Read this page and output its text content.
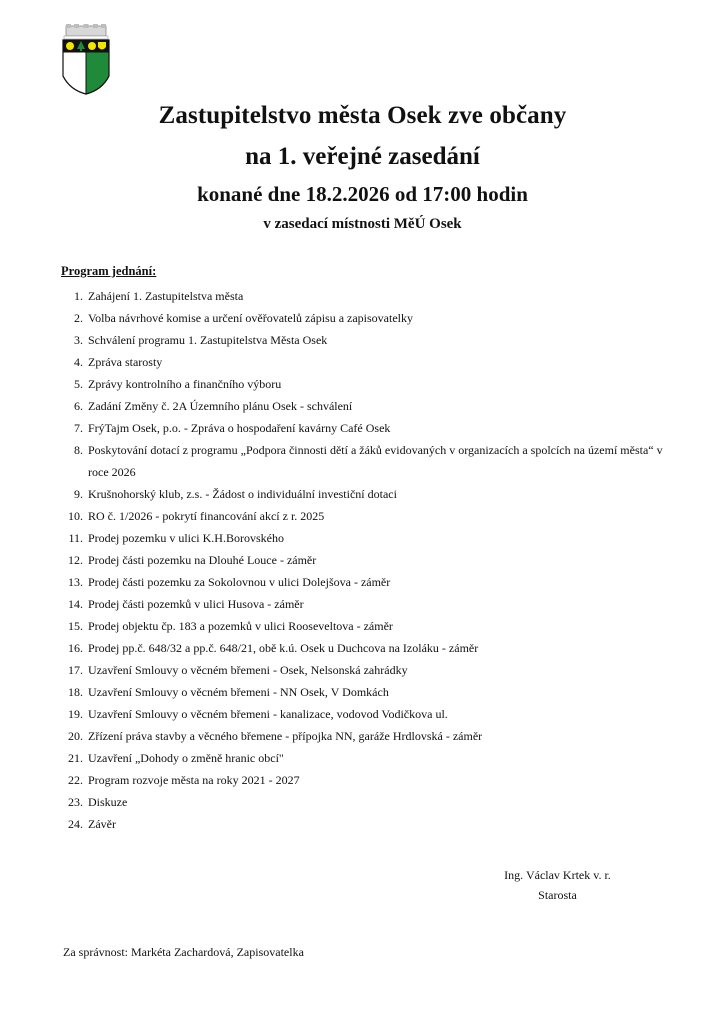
Zastupitelstvo města Osek zve občany
na 1. veřejné zasedání
konané dne 18.2.2026 od 17:00 hodin
v zasedací místnosti MěÚ Osek
Program jednání:
1. Zahájení 1. Zastupitelstva města
2. Volba návrhové komise a určení ověřovatelů zápisu a zapisovatelky
3. Schválení programu 1. Zastupitelstva Města Osek
4. Zpráva starosty
5. Zprávy kontrolního a finančního výboru
6. Zadání Změny č. 2A Územního plánu Osek - schválení
7. FrýTajm Osek, p.o. - Zpráva o hospodaření kavárny Café Osek
8. Poskytování dotací z programu „Podpora činnosti dětí a žáků evidovaných v organizacích a spolcích na území města“ v roce 2026
9. Krušnohorský klub, z.s. - Žádost o individuální investiční dotaci
10. RO č. 1/2026 - pokrytí financování akcí z r. 2025
11. Prodej pozemku v ulici K.H.Borovského
12. Prodej části pozemku na Dlouhé Louce - záměr
13. Prodej části pozemku za Sokolovnou v ulici Dolejšova - záměr
14. Prodej části pozemků v ulici Husova - záměr
15. Prodej objektu čp. 183 a pozemků v ulici Rooseveltova - záměr
16. Prodej pp.č. 648/32 a pp.č. 648/21, obě k.ú. Osek u Duchcova na Izoláku - záměr
17. Uzavření Smlouvy o věcném břemeni - Osek, Nelsonská zahrádky
18. Uzavření Smlouvy o věcném břemeni - NN Osek, V Domkách
19. Uzavření Smlouvy o věcném břemeni - kanalizace, vodovod Vodičkova ul.
20. Zřízení práva stavby a věcného břemene - přípojka NN, garáže Hrdlovská - záměr
21. Uzavření „Dohody o změně hranic obcí"
22. Program rozvoje města na roky 2021 - 2027
23. Diskuze
24. Závěr
Ing. Václav Krtek v. r.
Starosta
Za správnost: Markéta Zachardová, Zapisovatelka
